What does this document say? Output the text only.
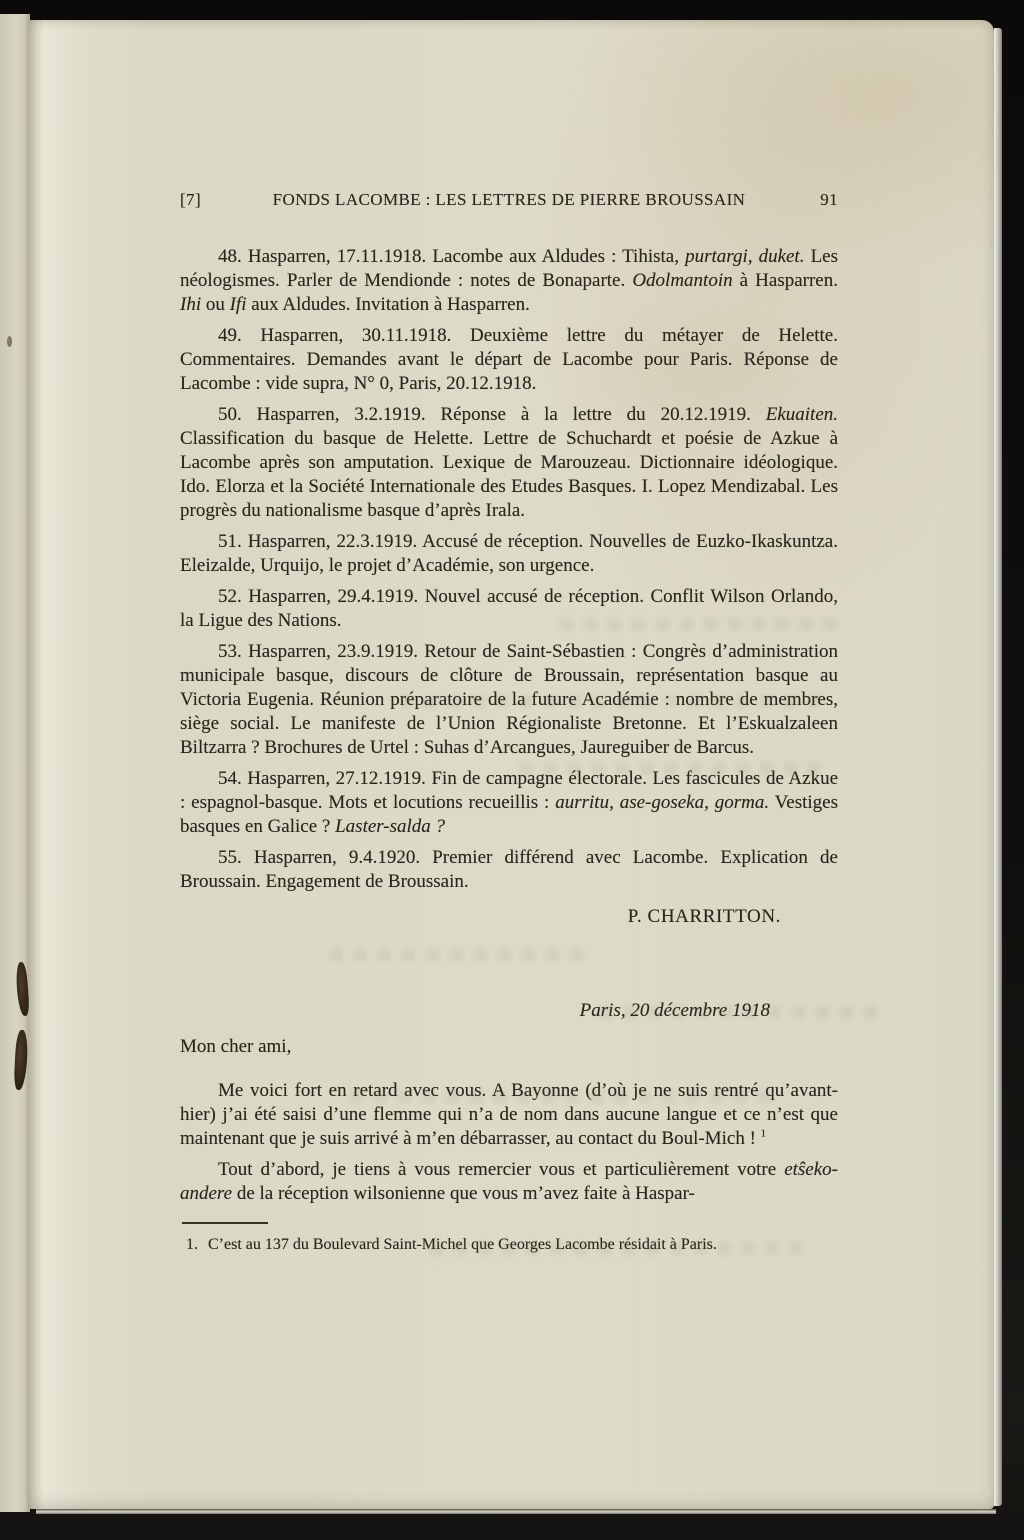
[7]	FONDS LACOMBE : LES LETTRES DE PIERRE BROUSSAIN	91

48. Hasparren, 17.11.1918. Lacombe aux Aldudes : Tihista, purtargi, duket. Les néologismes. Parler de Mendionde : notes de Bonaparte. Odolmantoin à Hasparren. Ihi ou Ifi aux Aldudes. Invitation à Hasparren.

49. Hasparren, 30.11.1918. Deuxième lettre du métayer de Helette. Commentaires. Demandes avant le départ de Lacombe pour Paris. Réponse de Lacombe : vide supra, N° 0, Paris, 20.12.1918.

50. Hasparren, 3.2.1919. Réponse à la lettre du 20.12.1919. Ekuaiten. Classification du basque de Helette. Lettre de Schuchardt et poésie de Azkue à Lacombe après son amputation. Lexique de Marouzeau. Dictionnaire idéologique. Ido. Elorza et la Société Internationale des Etudes Basques. I. Lopez Mendizabal. Les progrès du nationalisme basque d’après Irala.

51. Hasparren, 22.3.1919. Accusé de réception. Nouvelles de Euzko-Ikaskuntza. Eleizalde, Urquijo, le projet d’Académie, son urgence.

52. Hasparren, 29.4.1919. Nouvel accusé de réception. Conflit Wilson Orlando, la Ligue des Nations.

53. Hasparren, 23.9.1919. Retour de Saint-Sébastien : Congrès d’administration municipale basque, discours de clôture de Broussain, représentation basque au Victoria Eugenia. Réunion préparatoire de la future Académie : nombre de membres, siège social. Le manifeste de l’Union Régionaliste Bretonne. Et l’Eskualzaleen Biltzarra ? Brochures de Urtel : Suhas d’Arcangues, Jaureguiber de Barcus.

54. Hasparren, 27.12.1919. Fin de campagne électorale. Les fascicules de Azkue : espagnol-basque. Mots et locutions recueillis : aurritu, ase-goseka, gorma. Vestiges basques en Galice ? Laster-salda ?

55. Hasparren, 9.4.1920. Premier différend avec Lacombe. Explication de Broussain. Engagement de Broussain.

P. CHARRITTON.
Paris, 20 décembre 1918
Mon cher ami,

Me voici fort en retard avec vous. A Bayonne (d’où je ne suis rentré qu’avant-hier) j’ai été saisi d’une flemme qui n’a de nom dans aucune langue et ce n’est que maintenant que je suis arrivé à m’en débarrasser, au contact du Boul-Mich ! $^1$

Tout d’abord, je tiens à vous remercier vous et particulièrement votre etŝeko-andere de la réception wilsonienne que vous m’avez faite à Haspar-

1. C’est au 137 du Boulevard Saint-Michel que Georges Lacombe résidait à Paris.
